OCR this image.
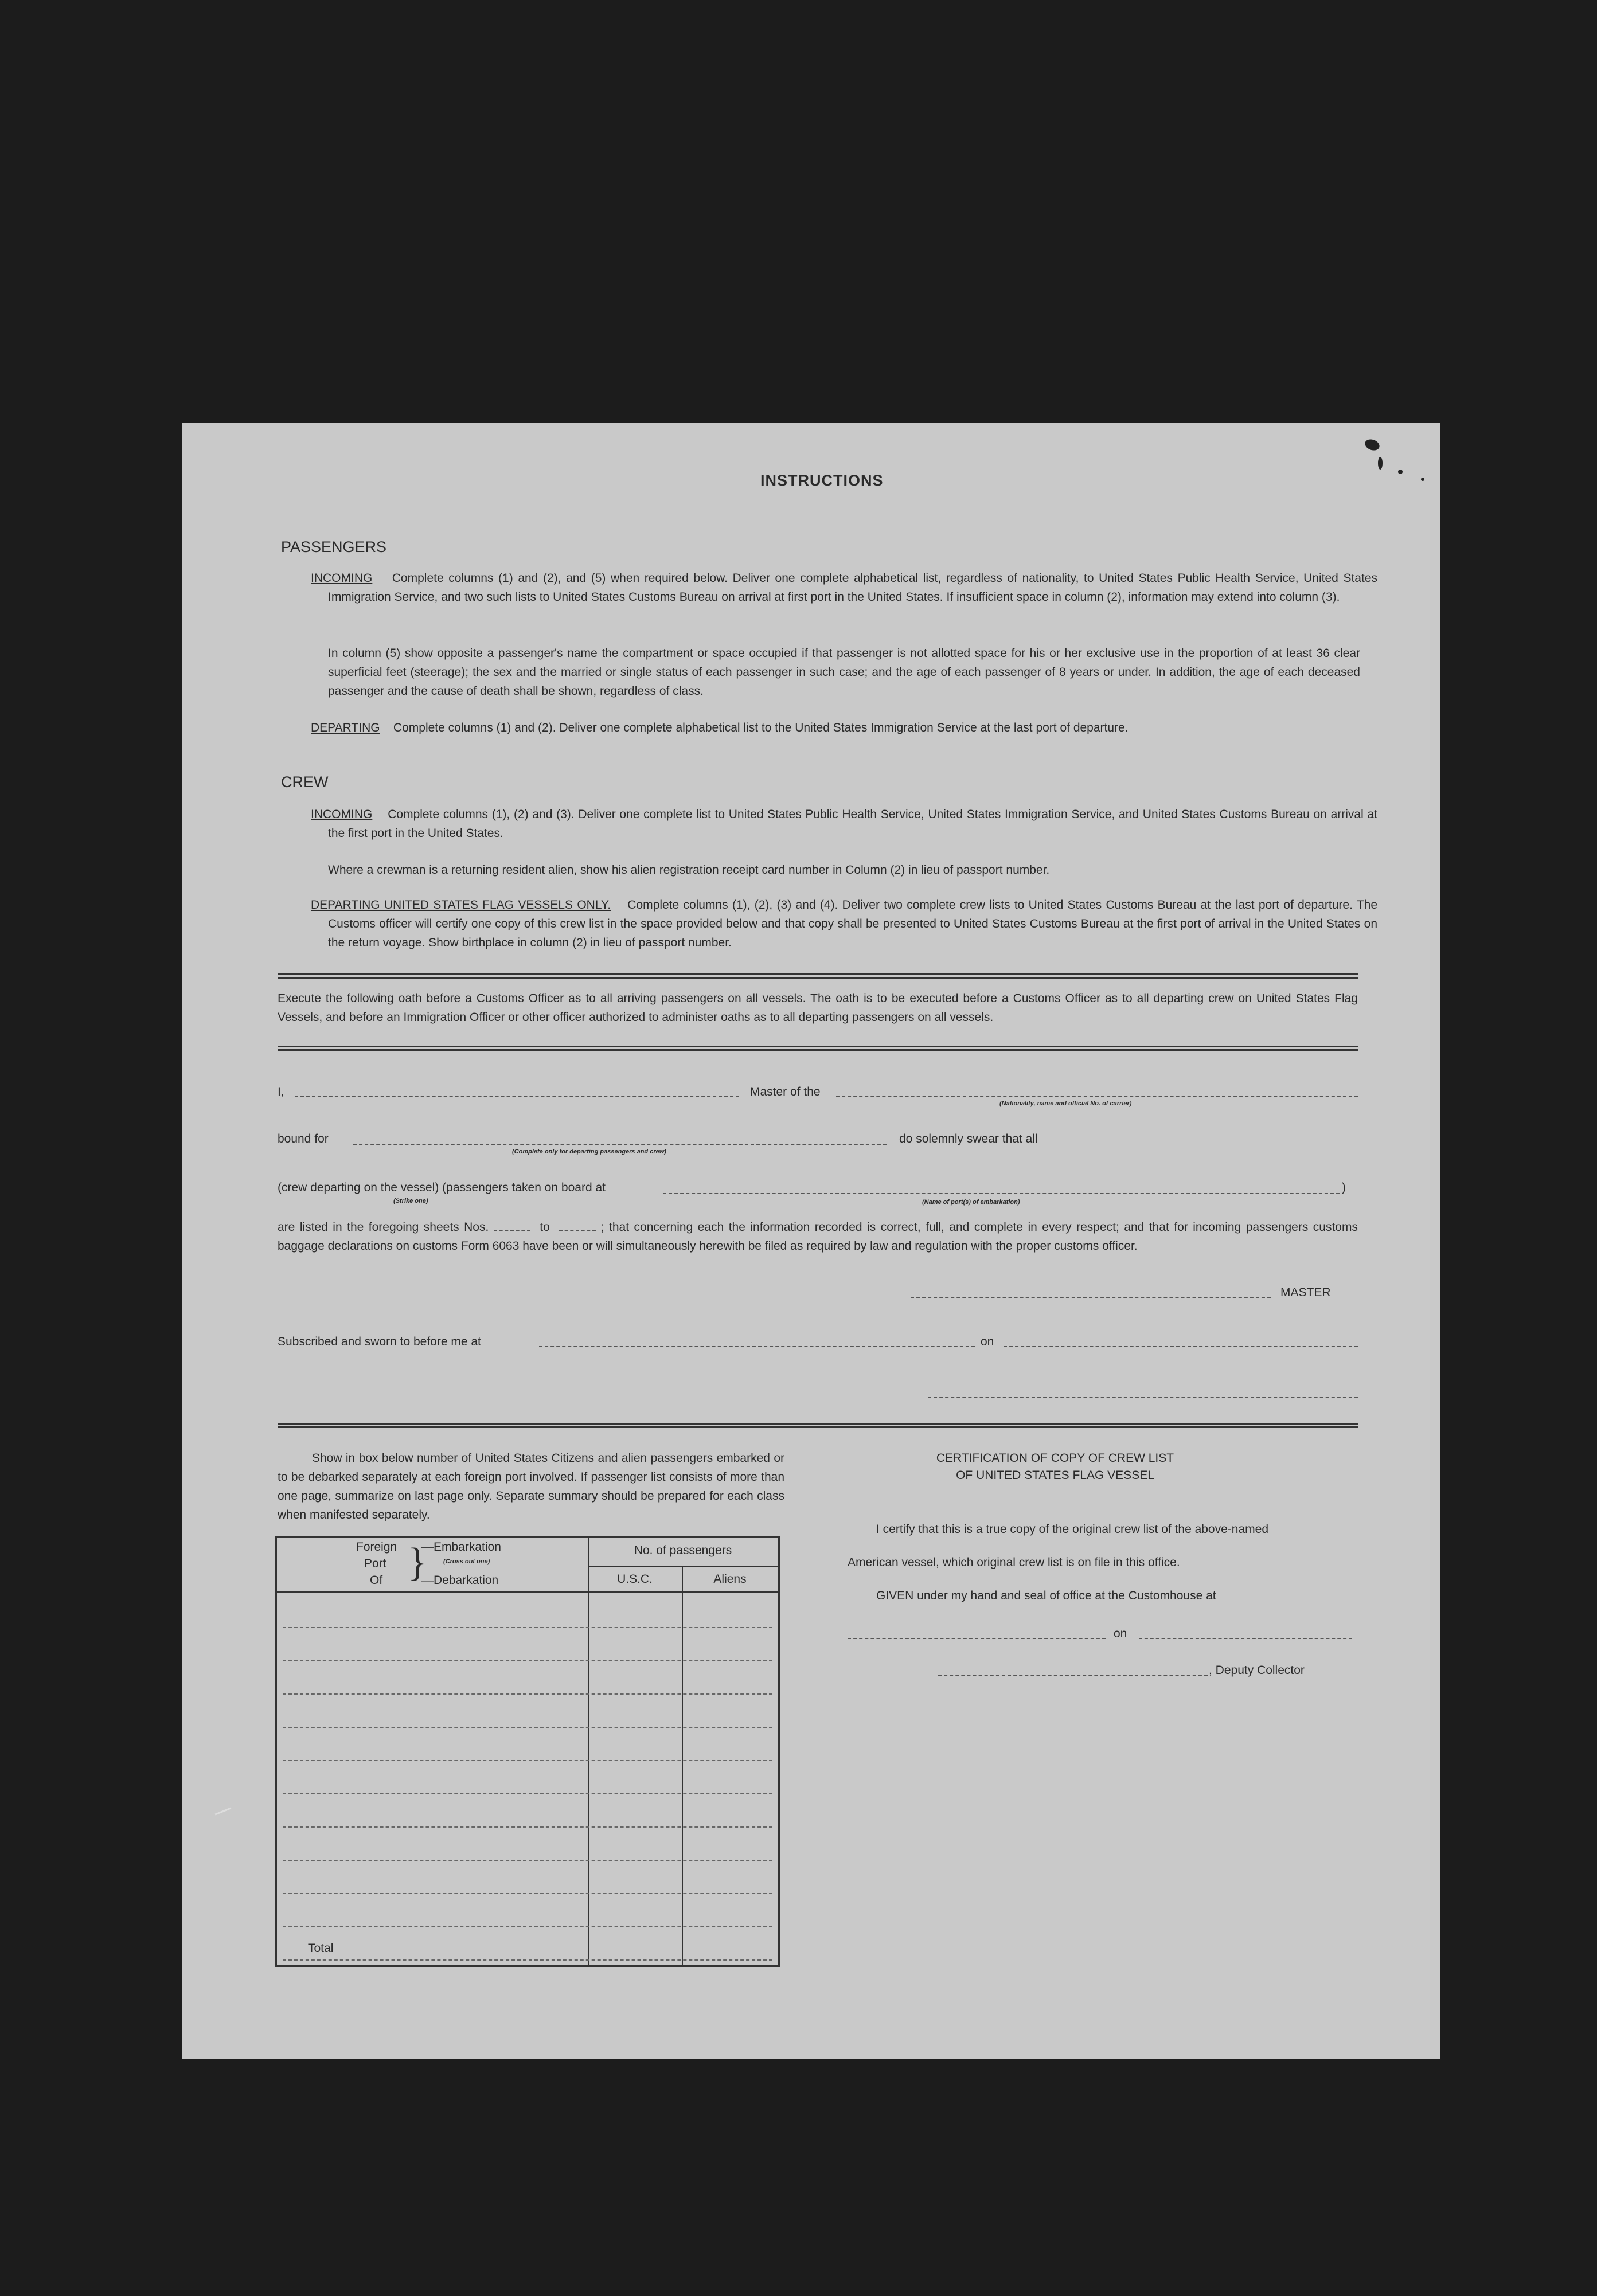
INSTRUCTIONS
PASSENGERS
INCOMING Complete columns (1) and (2), and (5) when required below. Deliver one complete alphabetical list, regardless of nationality, to United States Public Health Service, United States Immigration Service, and two such lists to United States Customs Bureau on arrival at first port in the United States. If insufficient space in column (2), information may extend into column (3).
In column (5) show opposite a passenger's name the compartment or space occupied if that passenger is not allotted space for his or her exclusive use in the proportion of at least 36 clear superficial feet (steerage); the sex and the married or single status of each passenger in such case; and the age of each passenger of 8 years or under. In addition, the age of each deceased passenger and the cause of death shall be shown, regardless of class.
DEPARTING Complete columns (1) and (2). Deliver one complete alphabetical list to the United States Immigration Service at the last port of departure.
CREW
INCOMING Complete columns (1), (2) and (3). Deliver one complete list to United States Public Health Service, United States Immigration Service, and United States Customs Bureau on arrival at the first port in the United States.
Where a crewman is a returning resident alien, show his alien registration receipt card number in Column (2) in lieu of passport number.
DEPARTING UNITED STATES FLAG VESSELS ONLY. Complete columns (1), (2), (3) and (4). Deliver two complete crew lists to United States Customs Bureau at the last port of departure. The Customs officer will certify one copy of this crew list in the space provided below and that copy shall be presented to United States Customs Bureau at the first port of arrival in the United States on the return voyage. Show birthplace in column (2) in lieu of passport number.
Execute the following oath before a Customs Officer as to all arriving passengers on all vessels. The oath is to be executed before a Customs Officer as to all departing crew on United States Flag Vessels, and before an Immigration Officer or other officer authorized to administer oaths as to all departing passengers on all vessels.
I,	Master of the
(Nationality, name and official No. of carrier)
bound for
(Complete only for departing passengers and crew)
do solemnly swear that all
(crew departing on the vessel) (passengers taken on board at	)
(Strike one)	(Name of port(s) of embarkation)
are listed in the foregoing sheets Nos.	to	; that concerning each the information recorded is correct, full, and complete in every respect; and that for incoming passengers customs baggage declarations on customs Form 6063 have been or will simultaneously herewith be filed as required by law and regulation with the proper customs officer.
MASTER
Subscribed and sworn to before me at	on
Show in box below number of United States Citizens and alien passengers embarked or to be debarked separately at each foreign port involved. If passenger list consists of more than one page, summarize on last page only. Separate summary should be prepared for each class when manifested separately.
Foreign
Port
Of }
—Embarkation
(Cross out one)
—Debarkation
No. of passengers
U.S.C.	Aliens
Total
CERTIFICATION OF COPY OF CREW LIST
OF UNITED STATES FLAG VESSEL
I certify that this is a true copy of the original crew list of the above-named
American vessel, which original crew list is on file in this office.
GIVEN under my hand and seal of office at the Customhouse at
on
, Deputy Collector
